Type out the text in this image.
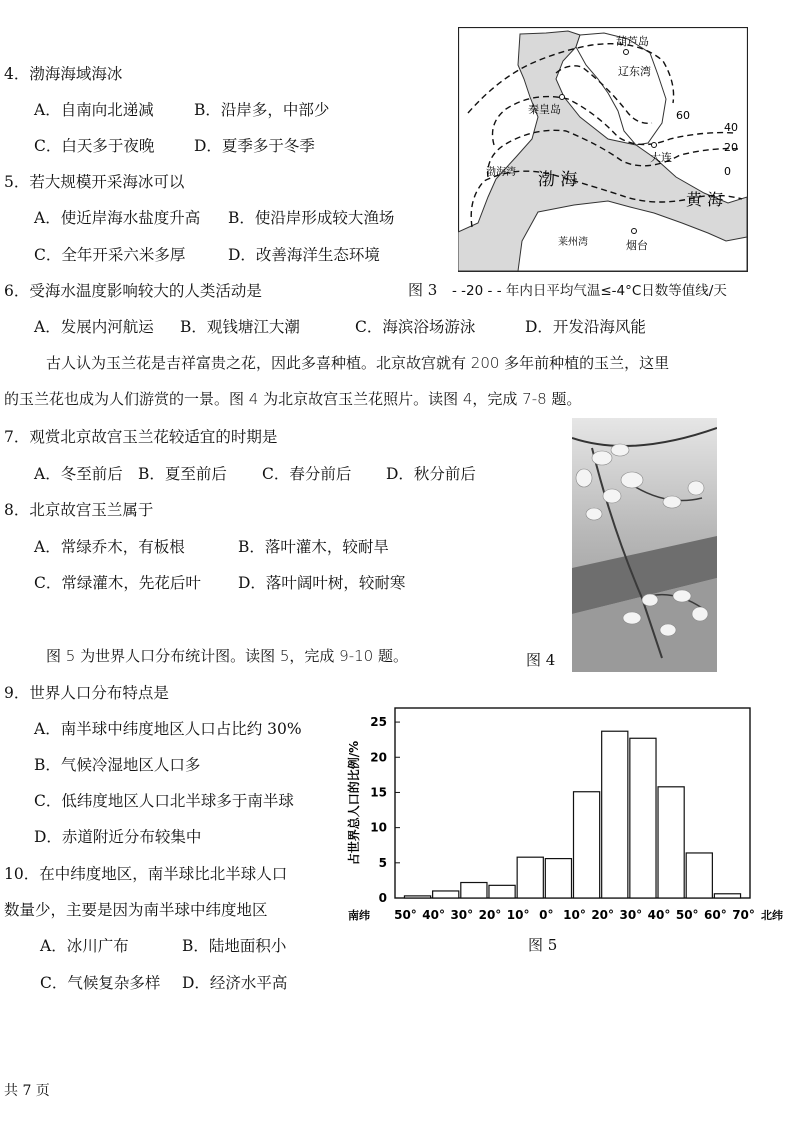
4．渤海海域海冰
A．自南向北递减	B．沿岸多，中部少
C．白天多于夜晚	D．夏季多于冬季
5．若大规模开采海冰可以
A．使近岸海水盐度升高 B．使沿岸形成较大渔场
C．全年开采六米多厚	D．改善海洋生态环境
6．受海水温度影响较大的人类活动是
A．发展内河航运 B．观钱塘江大潮	C．海滨浴场游泳	D．开发沿海风能
葫芦岛
辽东湾
秦皇岛	60
40
20
0
大连
渤 海
渤海湾
黄 海
莱州湾	烟台
图 3 - -20 - - 年内日平均气温≤-4°C日数等值线/天
古人认为玉兰花是吉祥富贵之花，因此多喜种植。北京故宫就有 200 多年前种植的玉兰，这里
的玉兰花也成为人们游赏的一景。图 4 为北京故宫玉兰花照片。读图 4，完成 7-8 题。
7．观赏北京故宫玉兰花较适宜的时期是
A．冬至前后 B．夏至前后 C．春分前后 D．秋分前后
8．北京故宫玉兰属于
A．常绿乔木，有板根	B．落叶灌木，较耐旱
C．常绿灌木，先花后叶 D．落叶阔叶树，较耐寒
图 4
图 5 为世界人口分布统计图。读图 5，完成 9-10 题。
9．世界人口分布特点是
A．南半球中纬度地区人口占比约 30%
B．气候冷湿地区人口多
C．低纬度地区人口北半球多于南半球
D．赤道附近分布较集中
10．在中纬度地区，南半球比北半球人口
数量少，主要是因为南半球中纬度地区
A．冰川广布	B．陆地面积小
C．气候复杂多样 D．经济水平高
0
5
10
15
20
25
50° 40° 30° 20° 10° 0° 10° 20° 30° 40° 50° 60° 70°
南纬	北纬
占世界总人口的比例/%
图 5
共 7 页
